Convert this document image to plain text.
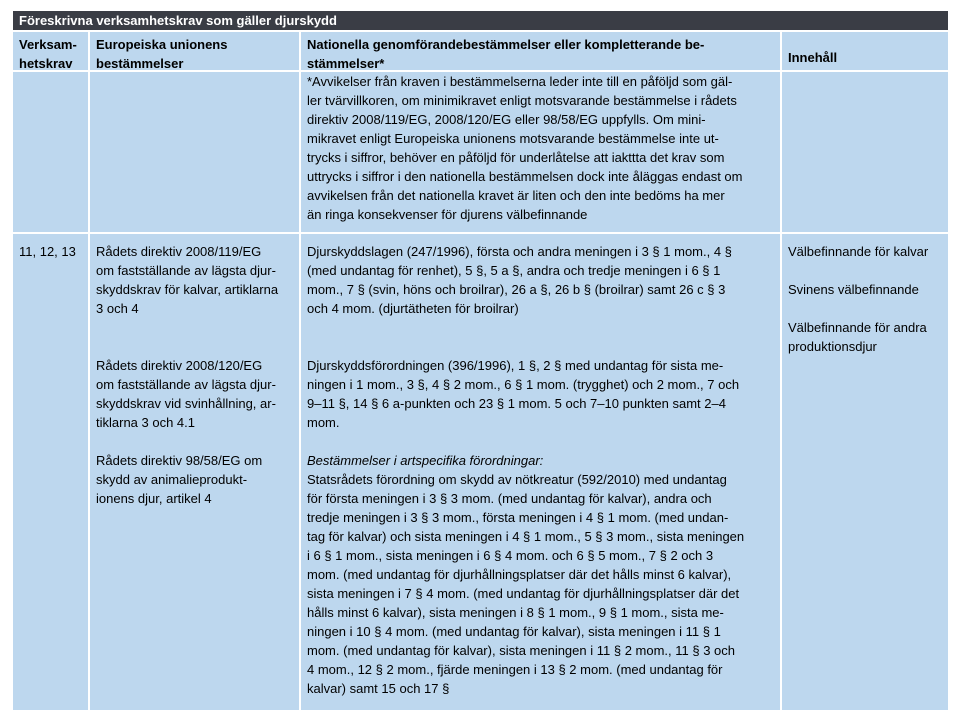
Föreskrivna verksamhetskrav som gäller djurskydd
Verksam-
hetskrav
Europeiska unionens
bestämmelser
Nationella genomförandebestämmelser eller kompletterande be-
stämmelser*	Innehåll
*Avvikelser från kraven i bestämmelserna leder inte till en påföljd som gäl-
ler tvärvillkoren, om minimikravet enligt motsvarande bestämmelse i rådets
direktiv 2008/119/EG, 2008/120/EG eller 98/58/EG uppfylls. Om mini-
mikravet enligt Europeiska unionens motsvarande bestämmelse inte ut-
trycks i siffror, behöver en påföljd för underlåtelse att iakttta det krav som
uttrycks i siffror i den nationella bestämmelsen dock inte åläggas endast om
avvikelsen från det nationella kravet är liten och den inte bedöms ha mer
än ringa konsekvenser för djurens välbefinnande

11, 12, 13	Rådets direktiv 2008/119/EG
om fastställande av lägsta djur-
skyddskrav för kalvar, artiklarna
3 och 4

Rådets direktiv 2008/120/EG
om fastställande av lägsta djur-
skyddskrav vid svinhållning, ar-
tiklarna 3 och 4.1

Rådets direktiv 98/58/EG om
skydd av animalieprodukt-
ionens djur, artikel 4

Djurskyddslagen (247/1996), första och andra meningen i 3 § 1 mom., 4 §
(med undantag för renhet), 5 §, 5 a §, andra och tredje meningen i 6 § 1
mom., 7 § (svin, höns och broilrar), 26 a §, 26 b § (broilrar) samt 26 c § 3
och 4 mom. (djurtätheten för broilrar)

Djurskyddsförordningen (396/1996), 1 §, 2 § med undantag för sista me-
ningen i 1 mom., 3 §, 4 § 2 mom., 6 § 1 mom. (trygghet) och 2 mom., 7 och
9–11 §, 14 § 6 a-punkten och 23 § 1 mom. 5 och 7–10 punkten samt 2–4
mom.

Bestämmelser i artspecifika förordningar:

Statsrådets förordning om skydd av nötkreatur (592/2010) med undantag
för första meningen i 3 § 3 mom. (med undantag för kalvar), andra och
tredje meningen i 3 § 3 mom., första meningen i 4 § 1 mom. (med undan-
tag för kalvar) och sista meningen i 4 § 1 mom., 5 § 3 mom., sista meningen
i 6 § 1 mom., sista meningen i 6 § 4 mom. och 6 § 5 mom., 7 § 2 och 3
mom. (med undantag för djurhållningsplatser där det hålls minst 6 kalvar),
sista meningen i 7 § 4 mom. (med undantag för djurhållningsplatser där det
hålls minst 6 kalvar), sista meningen i 8 § 1 mom., 9 § 1 mom., sista me-
ningen i 10 § 4 mom. (med undantag för kalvar), sista meningen i 11 § 1
mom. (med undantag för kalvar), sista meningen i 11 § 2 mom., 11 § 3 och
4 mom., 12 § 2 mom., fjärde meningen i 13 § 2 mom. (med undantag för
kalvar) samt 15 och 17 §

Välbefinnande för kalvar

Svinens välbefinnande

Välbefinnande för andra
produktionsdjur
